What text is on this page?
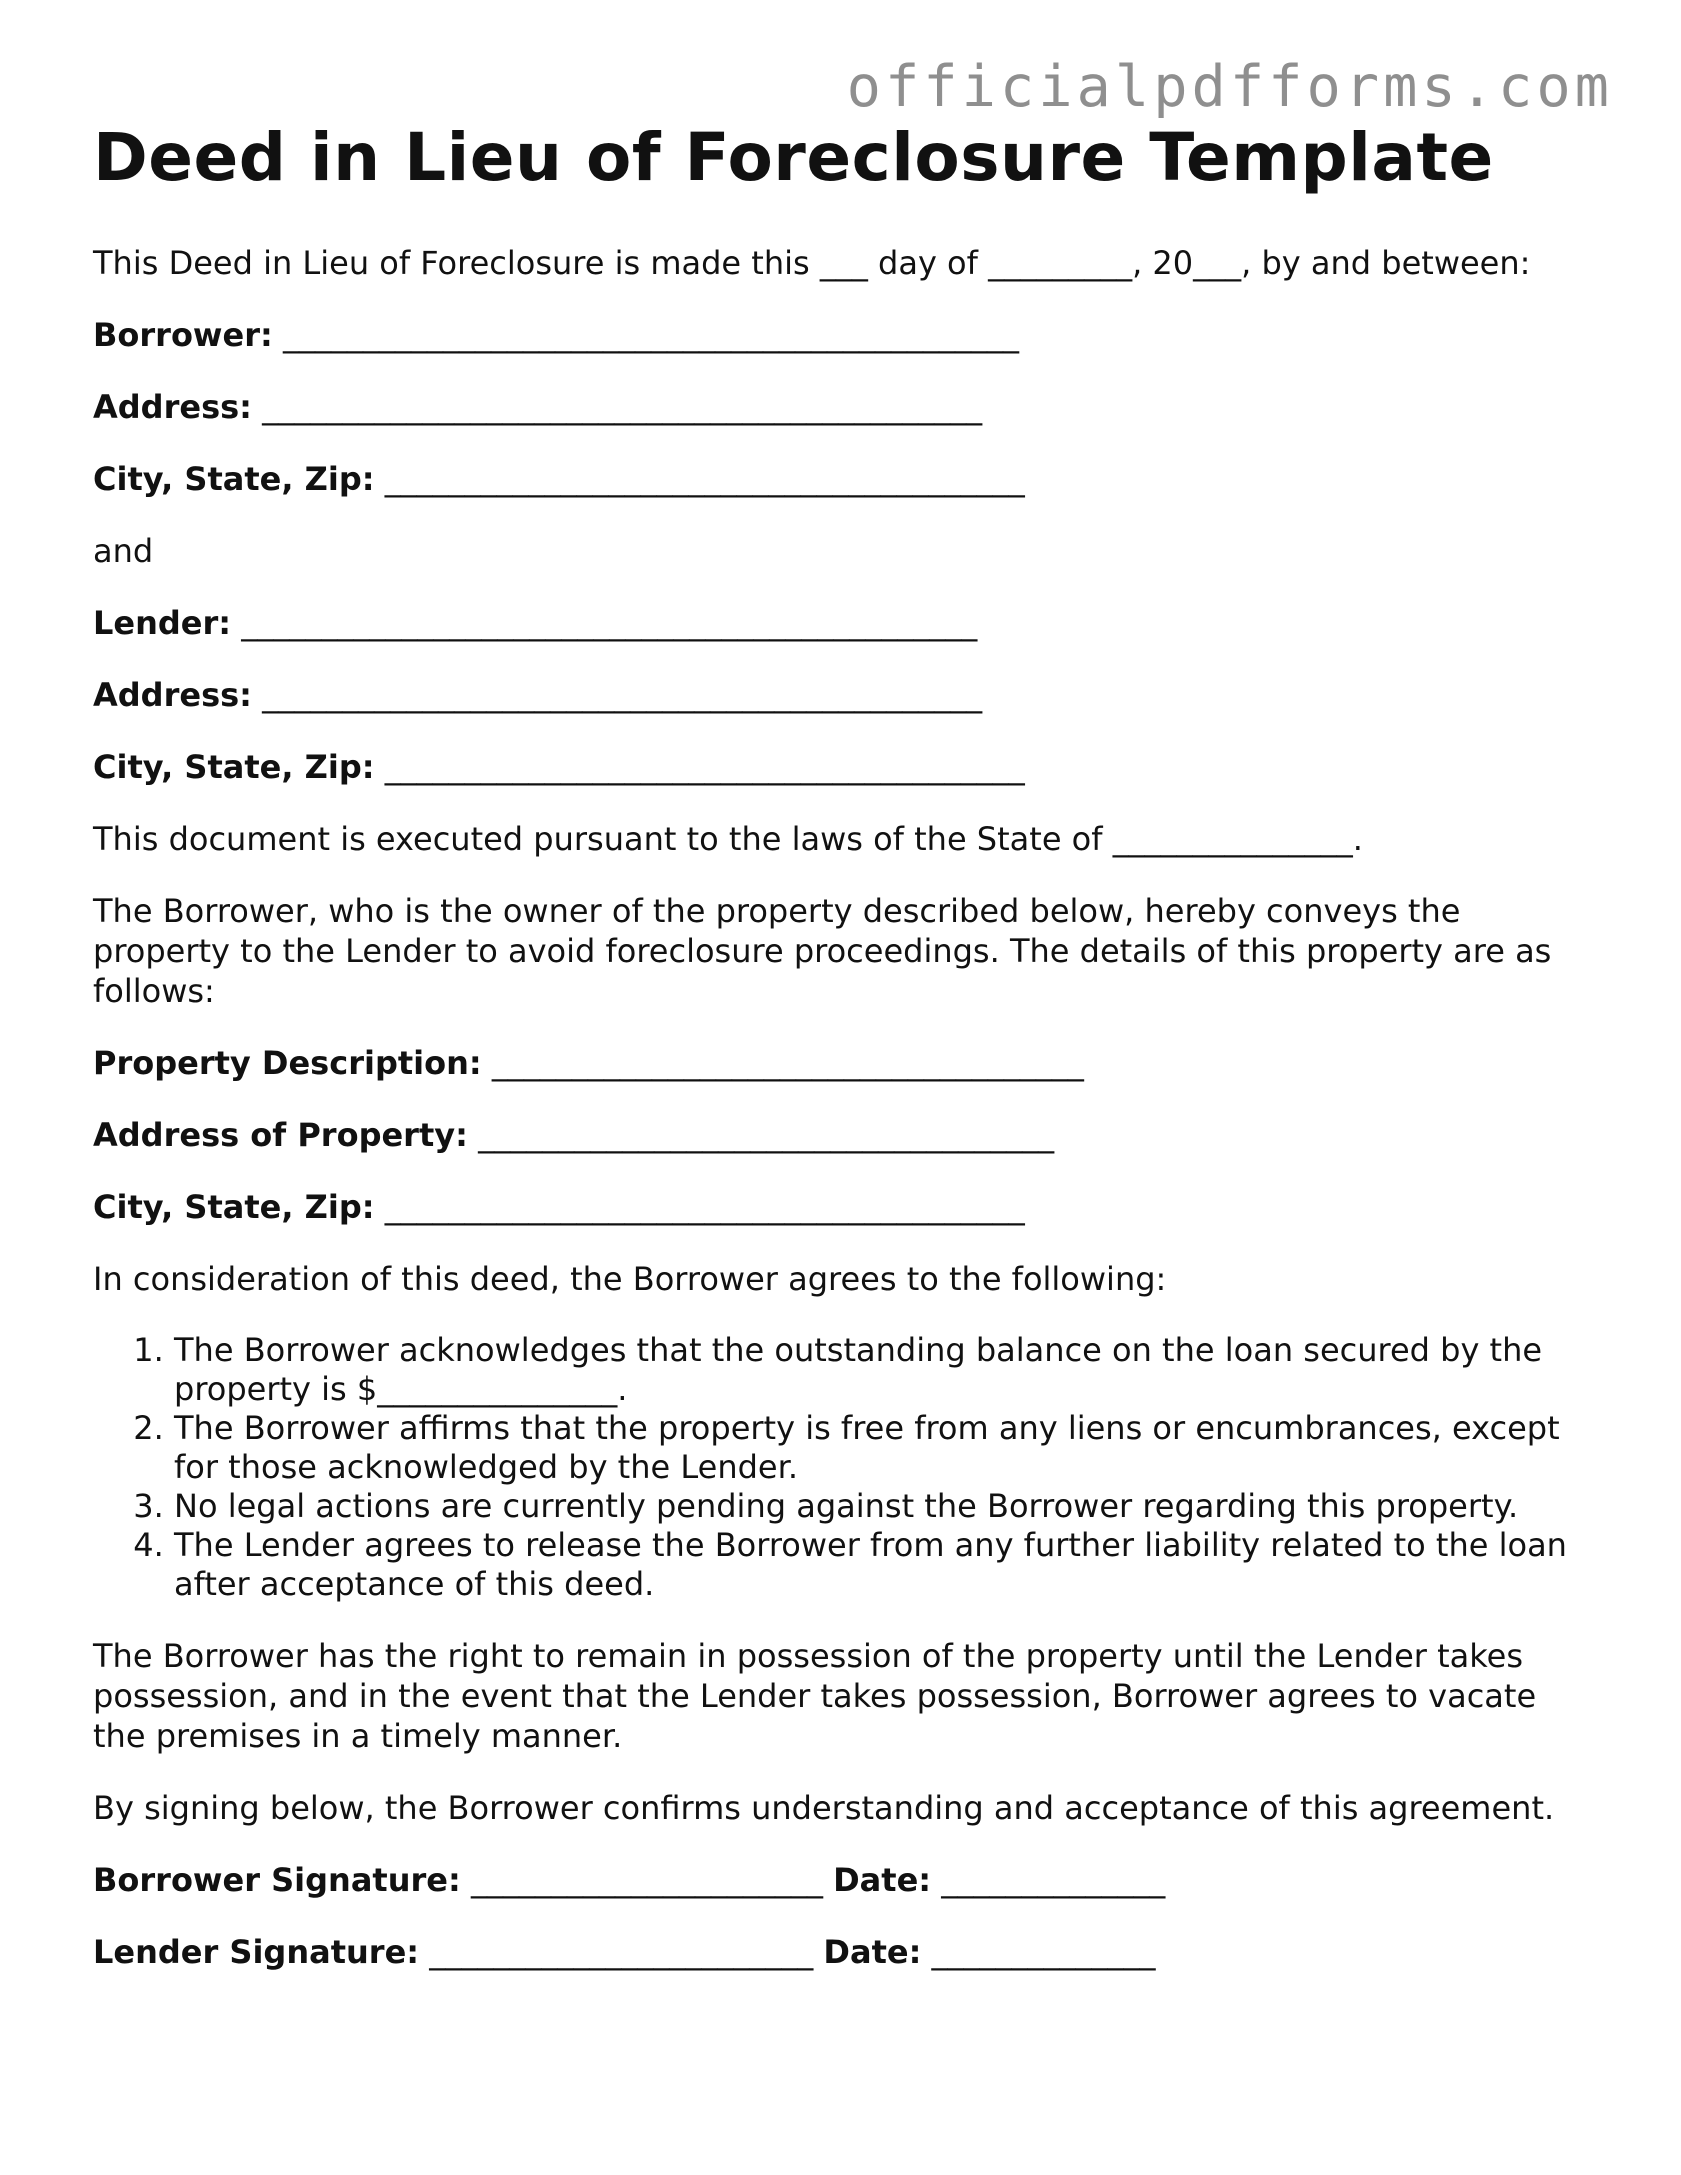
officialpdfforms.com
Deed in Lieu of Foreclosure Template

This Deed in Lieu of Foreclosure is made this ___ day of _________, 20___, by and between:

Borrower: ______________________________________________

Address: _____________________________________________

City, State, Zip: ________________________________________

and

Lender: ______________________________________________

Address: _____________________________________________

City, State, Zip: ________________________________________

This document is executed pursuant to the laws of the State of _______________.

The Borrower, who is the owner of the property described below, hereby conveys the property to the Lender to avoid foreclosure proceedings. The details of this property are as follows:

Property Description: _____________________________________

Address of Property: ____________________________________

City, State, Zip: ________________________________________

In consideration of this deed, the Borrower agrees to the following:

1. The Borrower acknowledges that the outstanding balance on the loan secured by the property is $_______________.
2. The Borrower affirms that the property is free from any liens or encumbrances, except for those acknowledged by the Lender.
3. No legal actions are currently pending against the Borrower regarding this property.
4. The Lender agrees to release the Borrower from any further liability related to the loan after acceptance of this deed.

The Borrower has the right to remain in possession of the property until the Lender takes possession, and in the event that the Lender takes possession, Borrower agrees to vacate the premises in a timely manner.

By signing below, the Borrower confirms understanding and acceptance of this agreement.

Borrower Signature: ______________________ Date: ______________

Lender Signature: ________________________ Date: ______________
